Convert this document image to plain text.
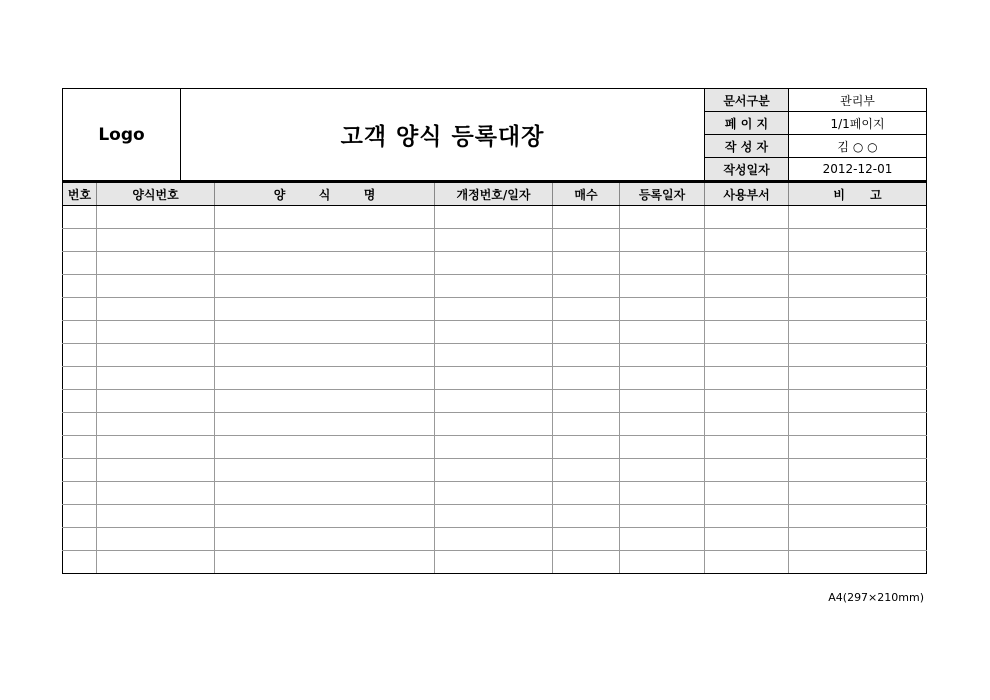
Logo	고객 양식 등록대장	문서구분	관리부
		페 이 지	1/1페이지
		작 성 자	김 ○ ○
		작성일자	2012-12-01
번호	양식번호	양        식        명	개정번호/일자	매수	등록일자	사용부서	비      고

A4(297×210mm)
